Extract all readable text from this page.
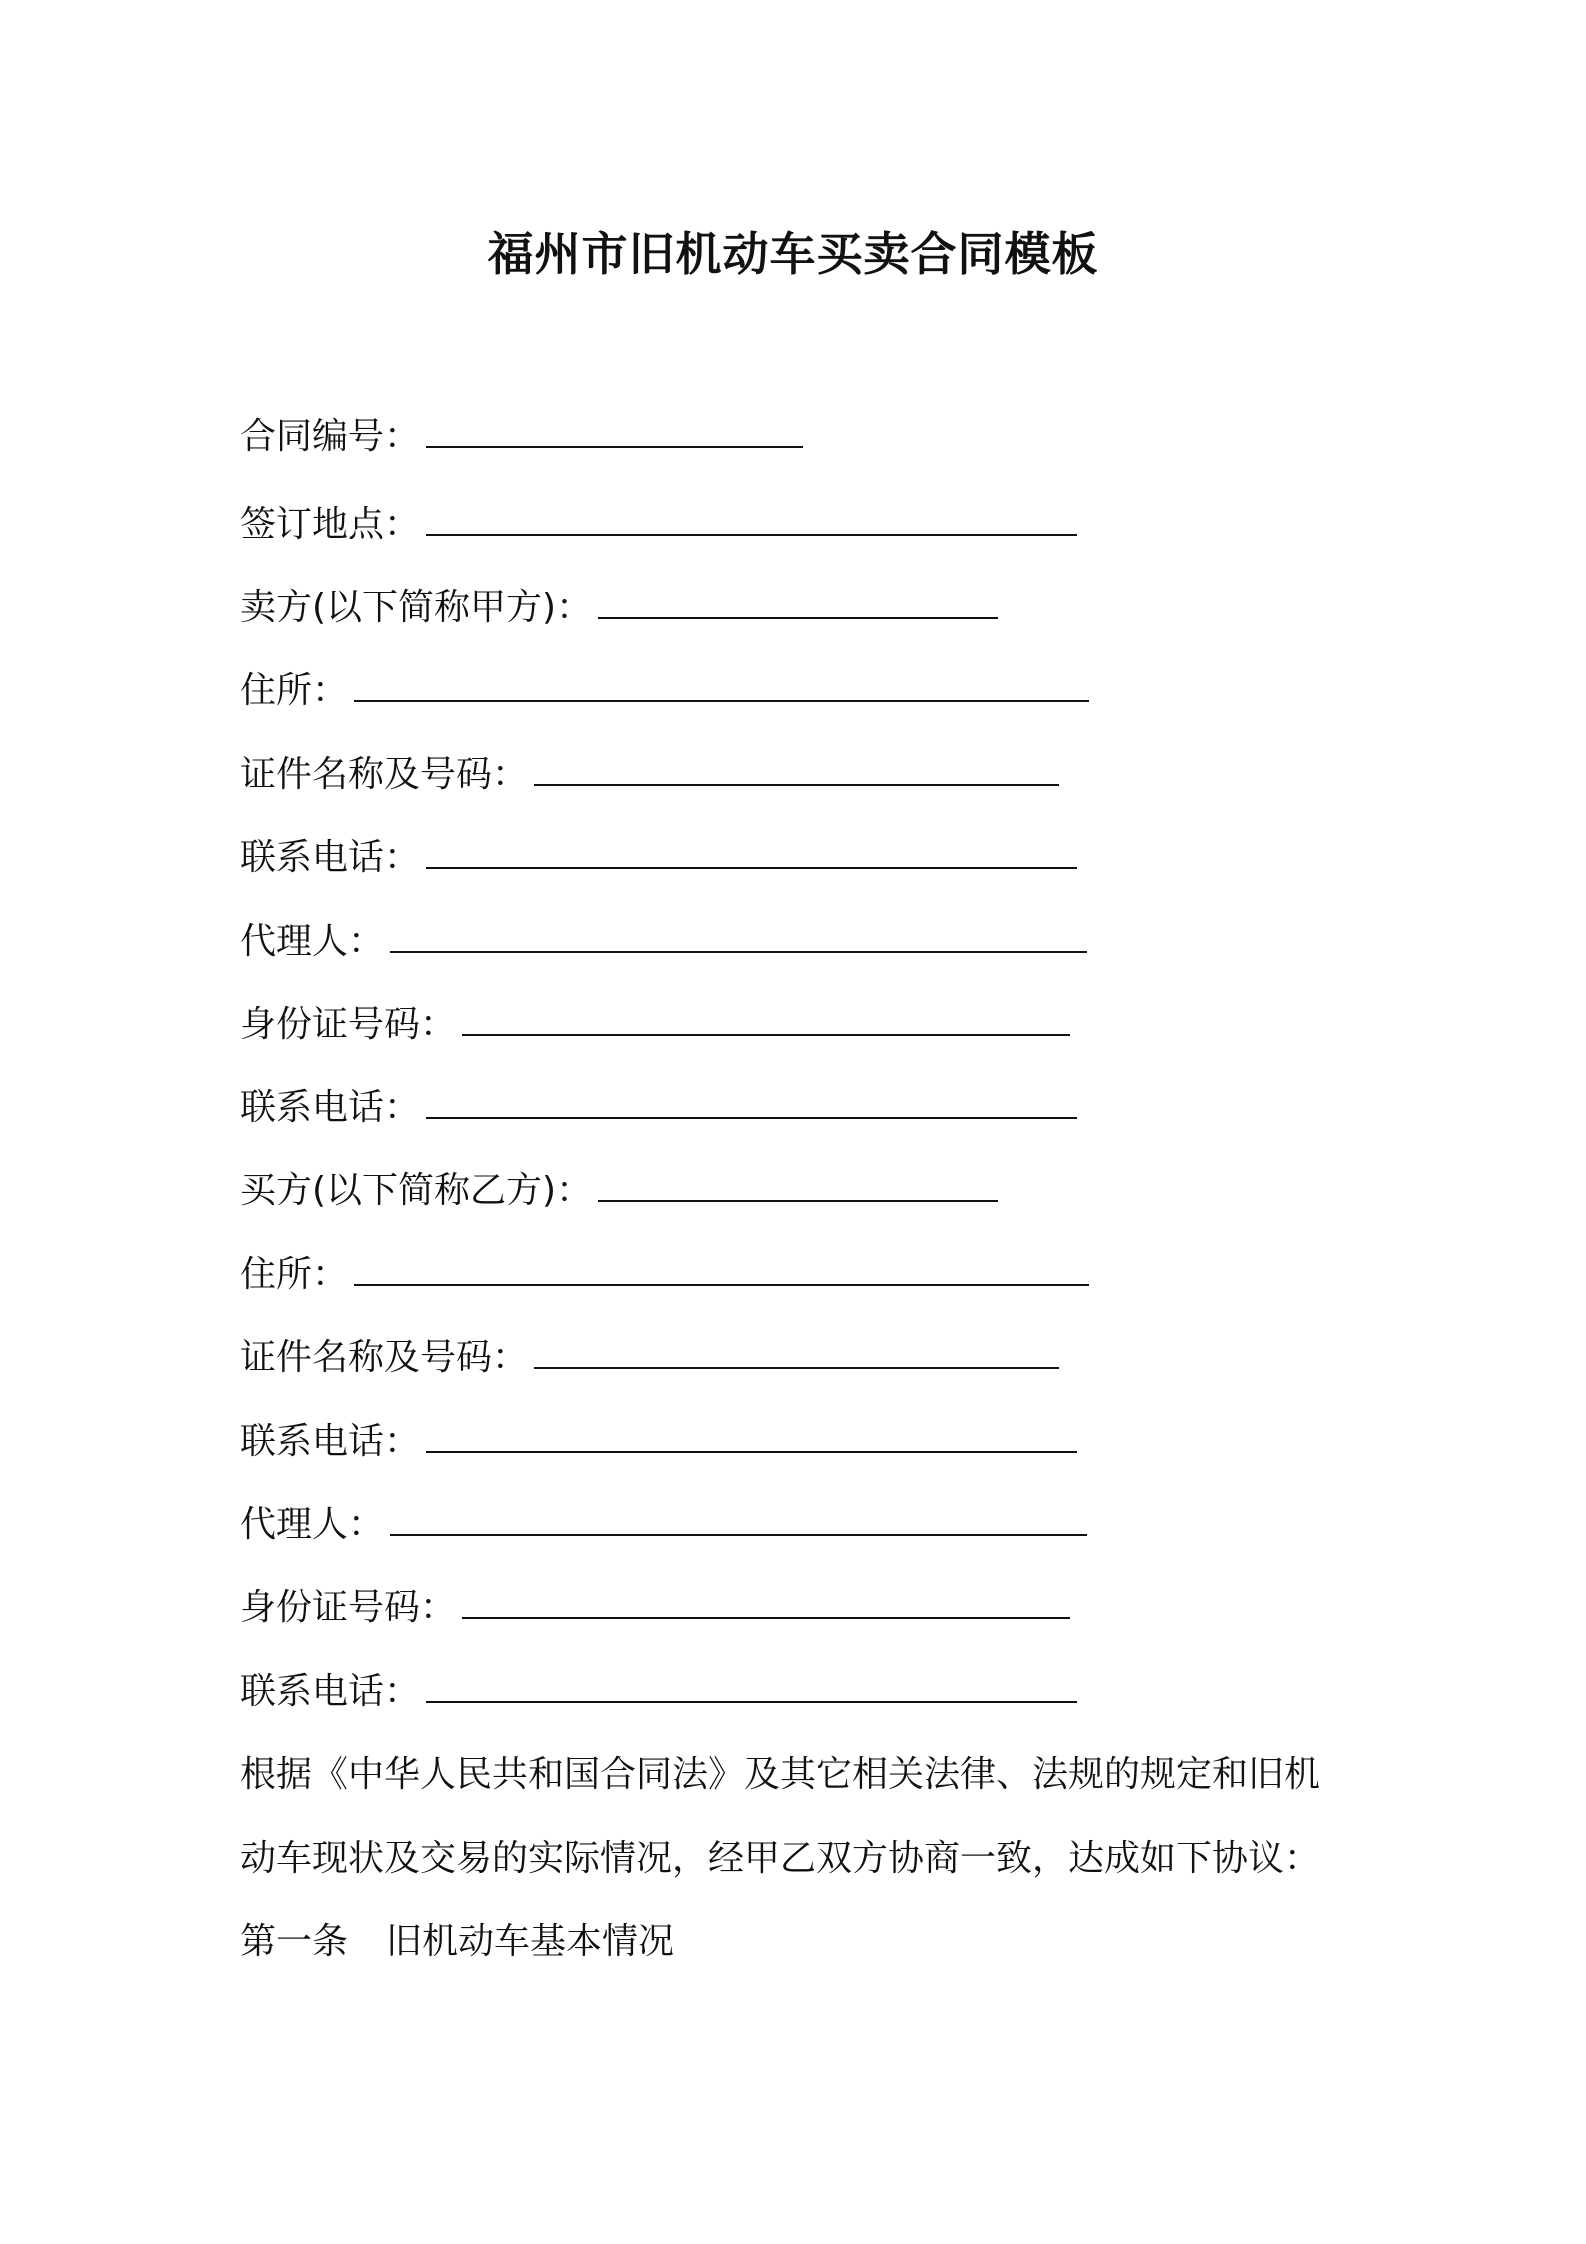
福州市旧机动车买卖合同模板
合同编号：
签订地点：
卖方(以下简称甲方)：
住所：
证件名称及号码：
联系电话：
代理人：
身份证号码：
联系电话：
买方(以下简称乙方)：
住所：
证件名称及号码：
联系电话：
代理人：
身份证号码：
联系电话：
根据《中华人民共和国合同法》及其它相关法律、法规的规定和旧机
动车现状及交易的实际情况，经甲乙双方协商一致，达成如下协议：
第一条 旧机动车基本情况
